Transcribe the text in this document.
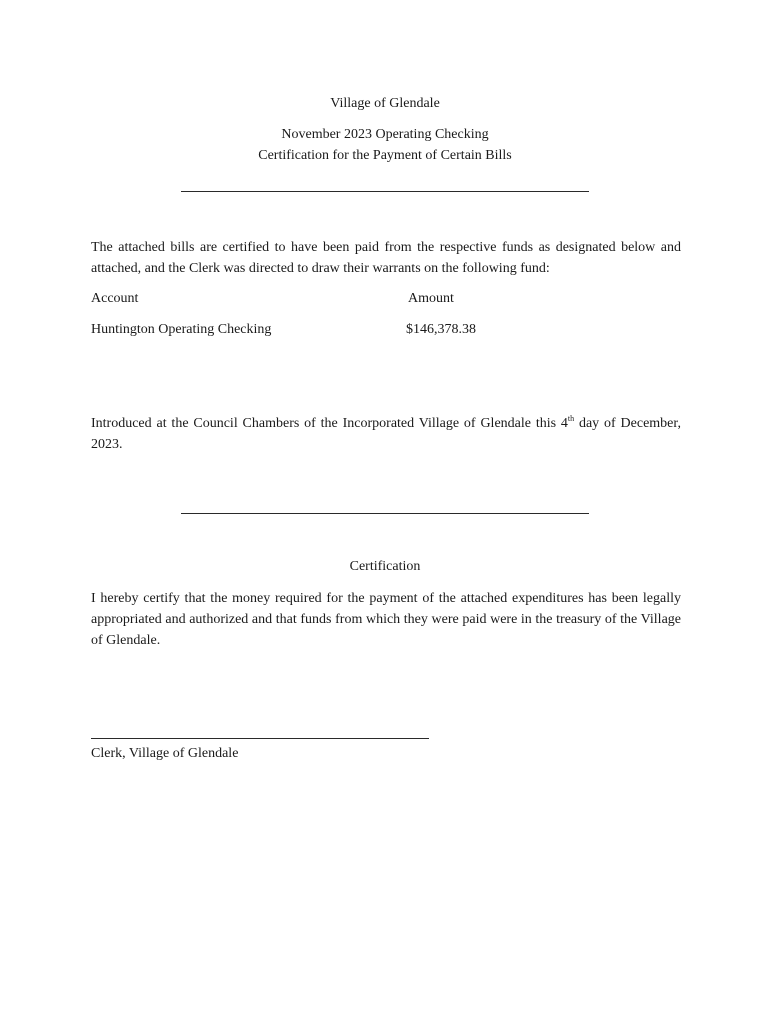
Village of Glendale
November 2023 Operating Checking
Certification for the Payment of Certain Bills
The attached bills are certified to have been paid from the respective funds as designated below and attached, and the Clerk was directed to draw their warrants on the following fund:
Account	Amount
Huntington Operating Checking	$146,378.38
Introduced at the Council Chambers of the Incorporated Village of Glendale this 4th day of December, 2023.
Certification
I hereby certify that the money required for the payment of the attached expenditures has been legally appropriated and authorized and that funds from which they were paid were in the treasury of the Village of Glendale.
Clerk, Village of Glendale
